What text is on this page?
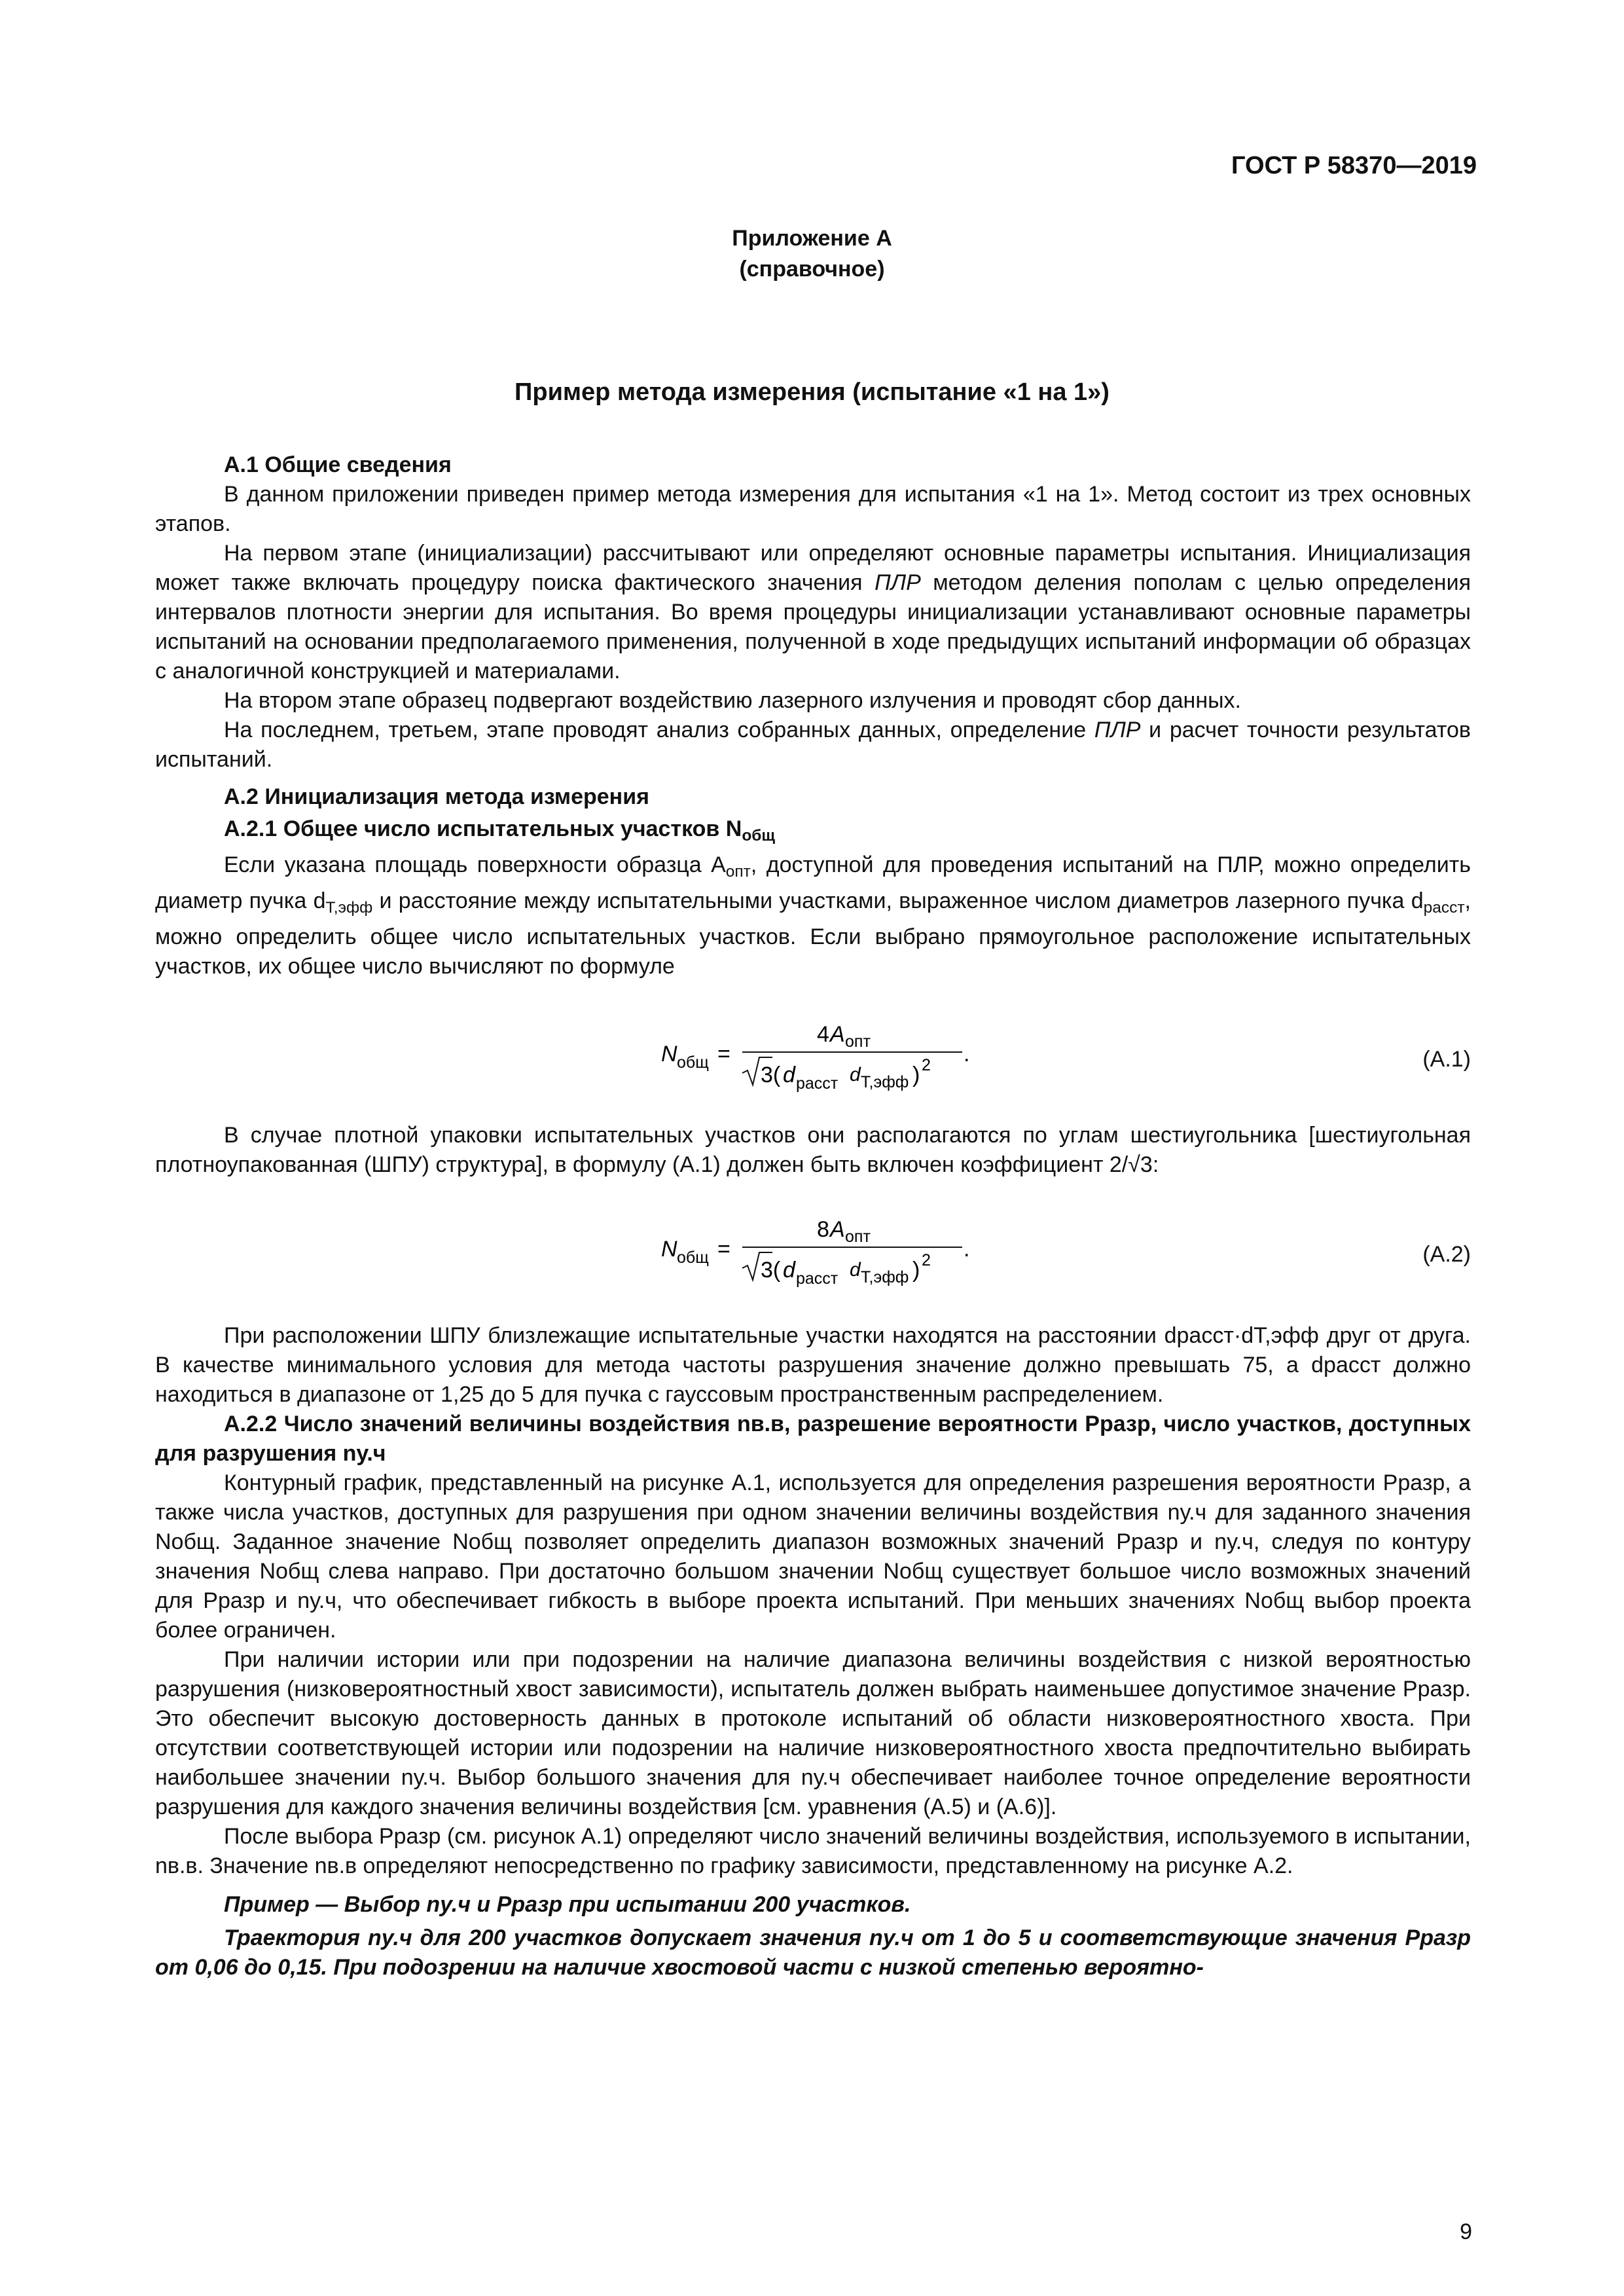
ГОСТ Р 58370—2019
Приложение А
(справочное)
Пример метода измерения (испытание «1 на 1»)

А.1 Общие сведения

В данном приложении приведен пример метода измерения для испытания «1 на 1». Метод состоит из трех основных этапов.

На первом этапе (инициализации) рассчитывают или определяют основные параметры испытания. Инициализация может также включать процедуру поиска фактического значения ПЛР методом деления пополам с целью определения интервалов плотности энергии для испытания. Во время процедуры инициализации устанавливают основные параметры испытаний на основании предполагаемого применения, полученной в ходе предыдущих испытаний информации об образцах с аналогичной конструкцией и материалами.

На втором этапе образец подвергают воздействию лазерного излучения и проводят сбор данных.

На последнем, третьем, этапе проводят анализ собранных данных, определение ПЛР и расчет точности результатов испытаний.

А.2 Инициализация метода измерения

А.2.1 Общее число испытательных участков $N_{общ}$

Если указана площадь поверхности образца $A_{опт}$, доступной для проведения испытаний на ПЛР, можно определить диаметр пучка $d_{Т,эфф}$ и расстояние между испытательными участками, выраженное числом диаметров лазерного пучка $d_{расст}$, можно определить общее число испытательных участков. Если выбрано прямоугольное расположение испытательных участков, их общее число вычисляют по формуле

N общ =
4 A опт
3( d расст d Т,эфф ) 2 .	(А.1)

В случае плотной упаковки испытательных участков они располагаются по углам шестиугольника [шестиугольная плотноупакованная (ШПУ) структура], в формулу (А.1) должен быть включен коэффициент 2/√3:

N общ =
8 A опт
3( d расст d Т,эфф ) 2 .	(А.2)

При расположении ШПУ близлежащие испытательные участки находятся на расстоянии dрасст·dТ,эфф друг от друга. В качестве минимального условия для метода частоты разрушения значение должно превышать 75, а dрасст должно находиться в диапазоне от 1,25 до 5 для пучка с гауссовым пространственным распределением.

А.2.2 Число значений величины воздействия nв.в, разрешение вероятности Pразр, число участков, доступных для разрушения nу.ч

Контурный график, представленный на рисунке А.1, используется для определения разрешения вероятности Pразр, а также числа участков, доступных для разрушения при одном значении величины воздействия nу.ч для заданного значения Nобщ. Заданное значение Nобщ позволяет определить диапазон возможных значений Pразр и nу.ч, следуя по контуру значения Nобщ слева направо. При достаточно большом значении Nобщ существует большое число возможных значений для Pразр и nу.ч, что обеспечивает гибкость в выборе проекта испытаний. При меньших значениях Nобщ выбор проекта более ограничен.

При наличии истории или при подозрении на наличие диапазона величины воздействия с низкой вероятностью разрушения (низковероятностный хвост зависимости), испытатель должен выбрать наименьшее допустимое значение Pразр. Это обеспечит высокую достоверность данных в протоколе испытаний об области низковероятностного хвоста. При отсутствии соответствующей истории или подозрении на наличие низковероятностного хвоста предпочтительно выбирать наибольшее значении nу.ч. Выбор большого значения для nу.ч обеспечивает наиболее точное определение вероятности разрушения для каждого значения величины воздействия [см. уравнения (А.5) и (А.6)].

После выбора Pразр (см. рисунок А.1) определяют число значений величины воздействия, используемого в испытании, nв.в. Значение nв.в определяют непосредственно по графику зависимости, представленному на рисунке А.2.

Пример — Выбор nу.ч и Pразр при испытании 200 участков.

Траектория nу.ч для 200 участков допускает значения nу.ч от 1 до 5 и соответствующие значения Pразр от 0,06 до 0,15. При подозрении на наличие хвостовой части с низкой степенью вероятно-

9
